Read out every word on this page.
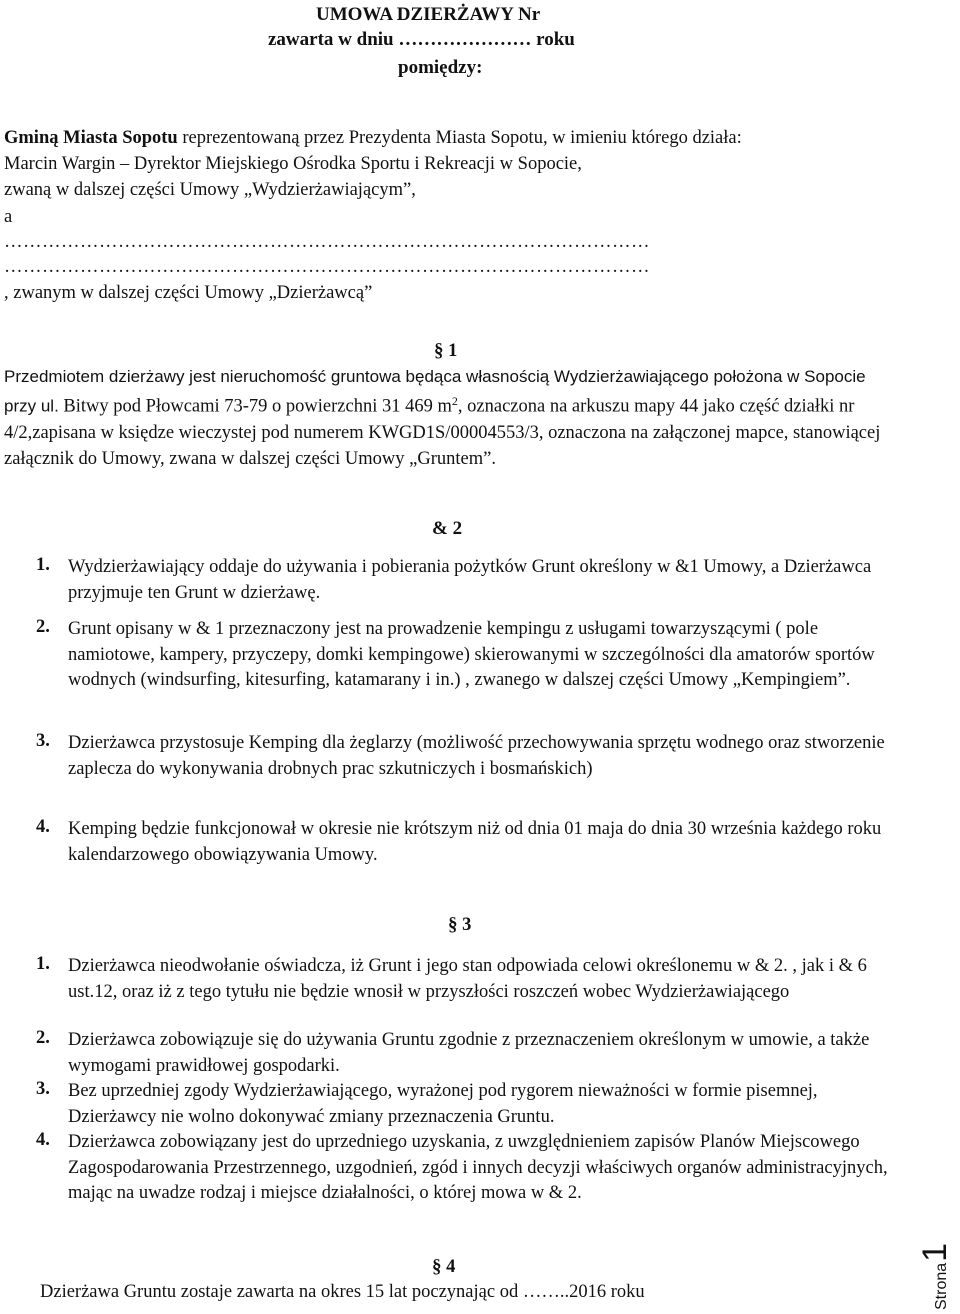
UMOWA DZIERŻAWY Nr
zawarta w dniu ………………… roku
pomiędzy:
Gminą Miasta Sopotu reprezentowaną przez Prezydenta Miasta Sopotu, w imieniu którego działa:
Marcin Wargin – Dyrektor Miejskiego Ośrodka Sportu i Rekreacji w Sopocie,
zwaną w dalszej części Umowy „Wydzierżawiającym”,
a
…………………………………………………………………………………………
…………………………………………………………………………………………
, zwanym w dalszej części Umowy „Dzierżawcą”
§ 1
Przedmiotem dzierżawy jest nieruchomość gruntowa będąca własnością Wydzierżawiającego położona w Sopocie przy ul. Bitwy pod Płowcami 73-79 o powierzchni 31 469 $m^2$, oznaczona na arkuszu mapy 44 jako część działki nr 4/2,zapisana w księdze wieczystej pod numerem KWGD1S/00004553/3, oznaczona na załączonej mapce, stanowiącej załącznik do Umowy, zwana w dalszej części Umowy „Gruntem”.
& 2
1. Wydzierżawiający oddaje do używania i pobierania pożytków Grunt określony w &1 Umowy, a Dzierżawca przyjmuje ten Grunt w dzierżawę.
2. Grunt opisany w & 1 przeznaczony jest na prowadzenie kempingu z usługami towarzyszącymi ( pole namiotowe, kampery, przyczepy, domki kempingowe) skierowanymi w szczególności dla amatorów sportów wodnych (windsurfing, kitesurfing, katamarany i in.) , zwanego w dalszej części Umowy „Kempingiem”.
3. Dzierżawca przystosuje Kemping dla żeglarzy (możliwość przechowywania sprzętu wodnego oraz stworzenie zaplecza do wykonywania drobnych prac szkutniczych i bosmańskich)
4. Kemping będzie funkcjonował w okresie nie krótszym niż od dnia 01 maja do dnia 30 września każdego roku kalendarzowego obowiązywania Umowy.
§ 3
1. Dzierżawca nieodwołanie oświadcza, iż Grunt i jego stan odpowiada celowi określonemu w & 2. , jak i & 6 ust.12, oraz iż z tego tytułu nie będzie wnosił w przyszłości roszczeń wobec Wydzierżawiającego
2. Dzierżawca zobowiązuje się do używania Gruntu zgodnie z przeznaczeniem określonym w umowie, a także wymogami prawidłowej gospodarki.
3. Bez uprzedniej zgody Wydzierżawiającego, wyrażonej pod rygorem nieważności w formie pisemnej, Dzierżawcy nie wolno dokonywać zmiany przeznaczenia Gruntu.
4. Dzierżawca zobowiązany jest do uprzedniego uzyskania, z uwzględnieniem zapisów Planów Miejscowego Zagospodarowania Przestrzennego, uzgodnień, zgód i innych decyzji właściwych organów administracyjnych, mając na uwadze rodzaj i miejsce działalności, o której mowa w & 2.
§ 4
Dzierżawa Gruntu zostaje zawarta na okres 15 lat poczynając od ……..2016 roku	Strona1
